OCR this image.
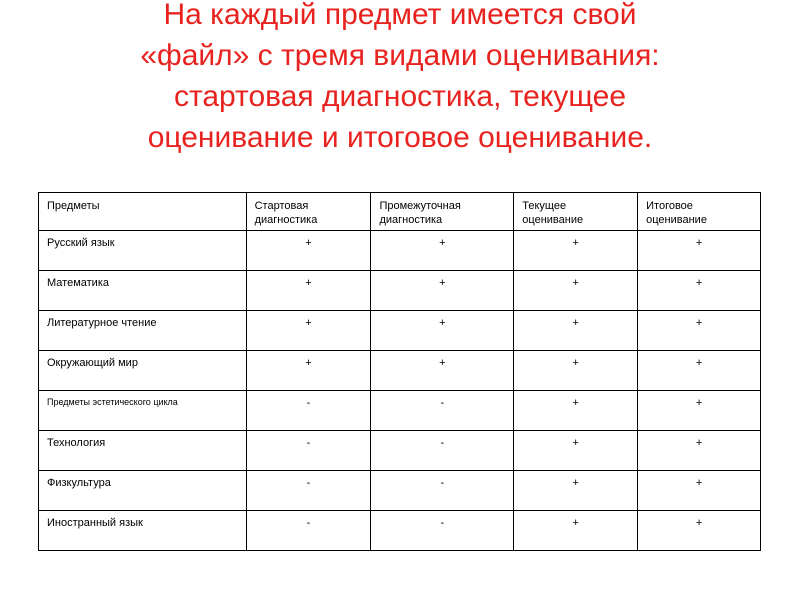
На каждый предмет имеется свой
«файл» с тремя видами оценивания:
стартовая диагностика, текущее
оценивание и итоговое оценивание.
Предметы	Стартовая диагностика	Промежуточная диагностика	Текущее оценивание	Итоговое оценивание
Русский язык	+	+	+	+
Математика	+	+	+	+
Литературное чтение	+	+	+	+
Окружающий мир	+	+	+	+
Предметы эстетического цикла	-	-	+	+
Технология	-	-	+	+
Физкультура	-	-	+	+
Иностранный язык	-	-	+	+
